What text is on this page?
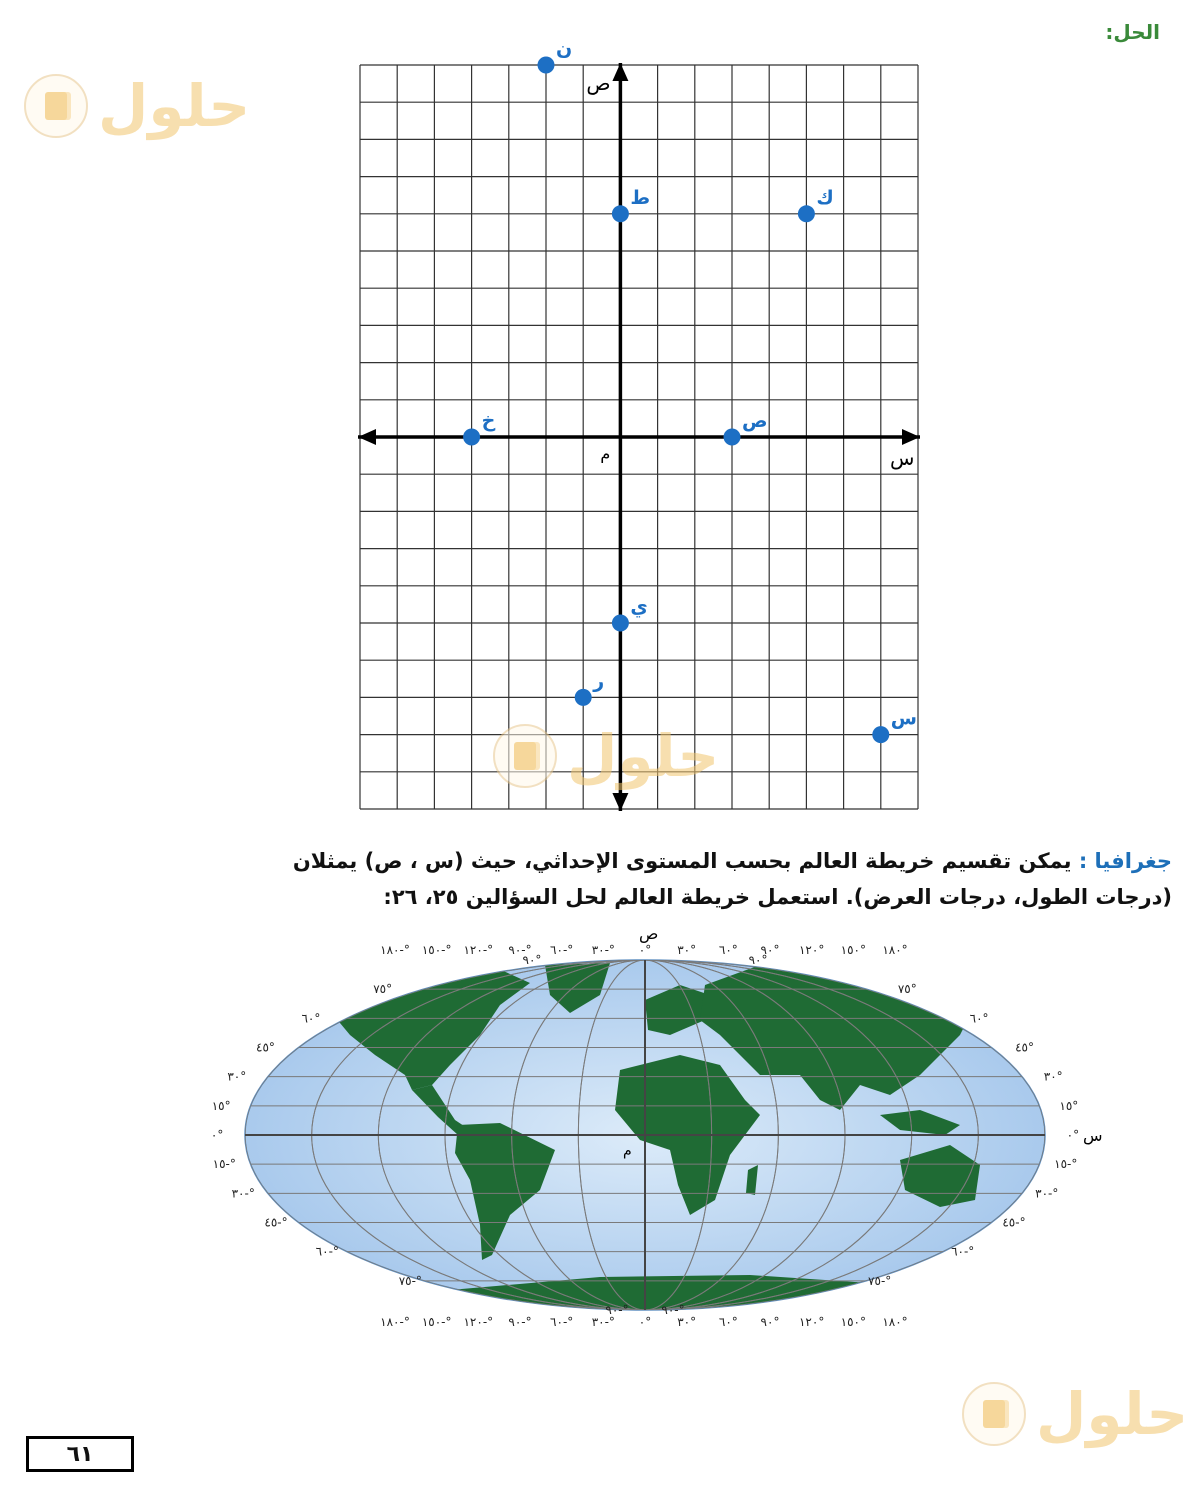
الحل:
حلول
س
ص
م
ن
ط	ك
خ	ص
ي
ر
س
حلول
جغرافيا : يمكن تقسيم خريطة العالم بحسب المستوى الإحداثي، حيث (س ، ص) يمثلان
(درجات الطول، درجات العرض). استعمل خريطة العالم لحل السؤالين ٢٥، ٢٦:
١٨٠-°
١٨٠-°
١٥٠-°
١٥٠-°
١٢٠-°
١٢٠-°
٩٠-°
٩٠-°
٦٠-°
٦٠-°
٣٠-°
٣٠-°
٠°
٠°
٣٠°
٣٠°
٦٠°
٦٠°
٩٠°
٩٠°
١٢٠°
١٢٠°
١٥٠°
١٥٠°
١٨٠°
١٨٠°
٩٠°	٩٠°
٧٥°	٧٥°
٦٠°	٦٠°
٤٥°	٤٥°
٣٠°	٣٠°
١٥°	١٥°
٠°	٠°
١٥-°	١٥-°
٣٠-°	٣٠-°
٤٥-°	٤٥-°
٦٠-°	٦٠-°
٧٥-°	٧٥-°
٩٠-°	٩٠-°
ص
س
م
حلول
٦١
